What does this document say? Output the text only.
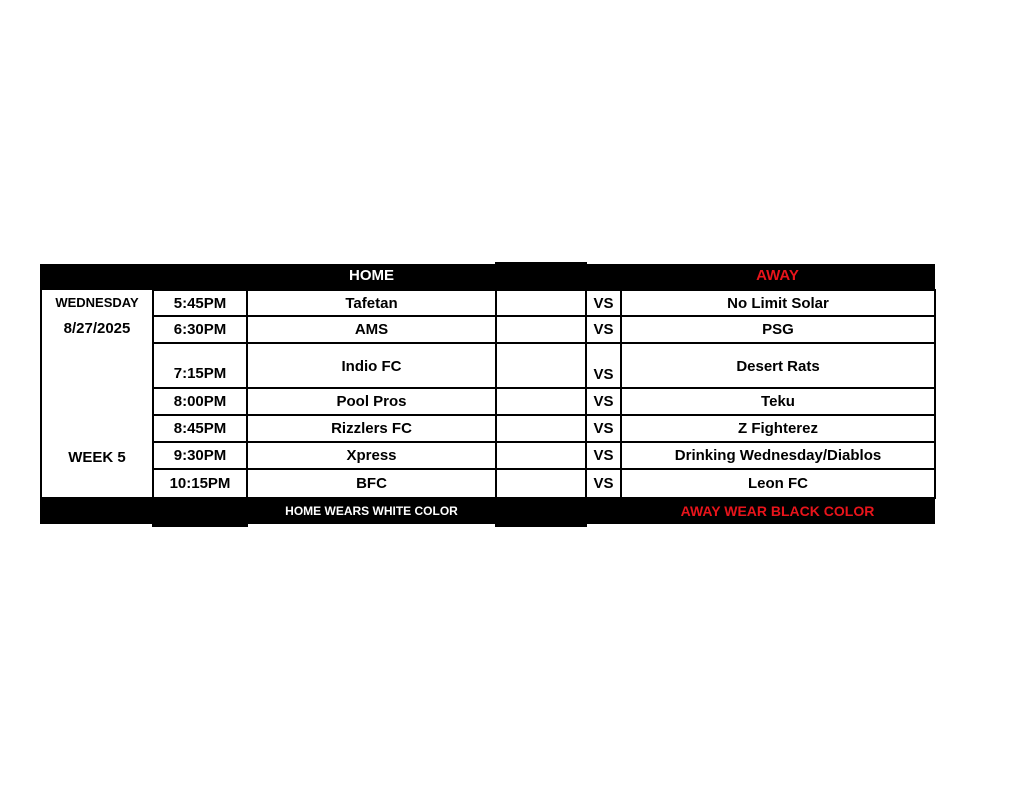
HOME	AWAY
WEDNESDAY
8/27/2025
WEEK 5
5:45PM	Tafetan	VS	No Limit Solar
6:30PM	AMS	VS	PSG
7:15PM	Indio FC	VS	Desert Rats
8:00PM	Pool Pros	VS	Teku
8:45PM	Rizzlers FC	VS	Z Fighterez
9:30PM	Xpress	VS	Drinking Wednesday/Diablos
10:15PM	BFC	VS	Leon FC
HOME WEARS WHITE COLOR	AWAY WEAR BLACK COLOR
